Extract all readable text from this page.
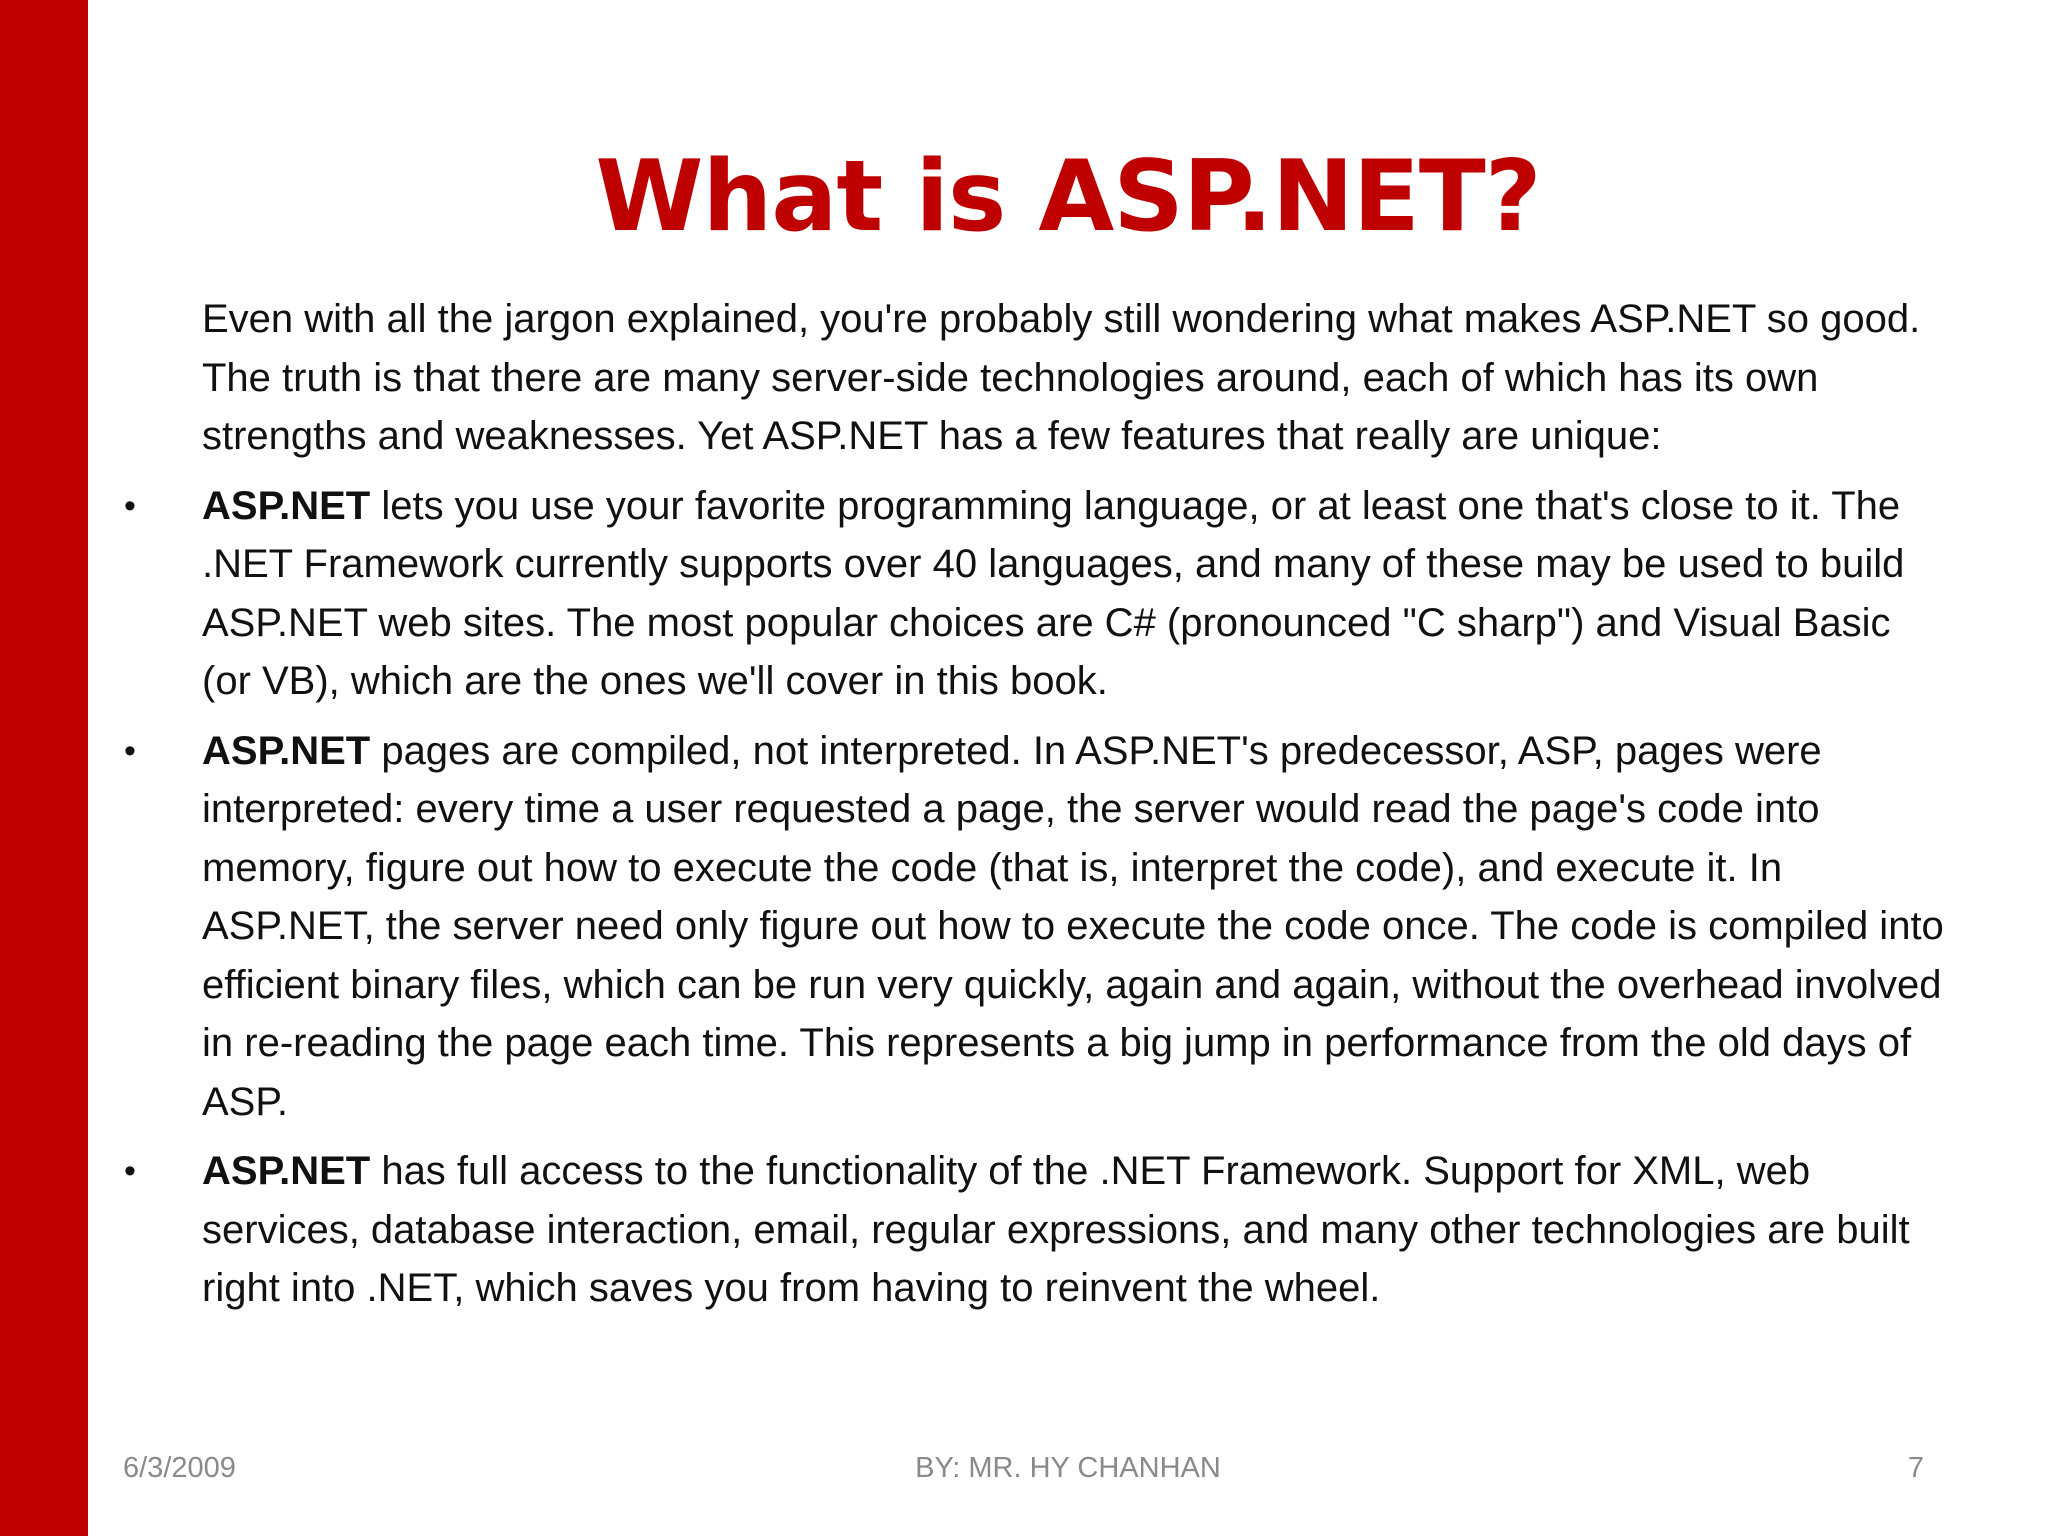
What is ASP.NET?

Even with all the jargon explained, you're probably still wondering what makes ASP.NET so good. The truth is that there are many server-side technologies around, each of which has its own strengths and weaknesses. Yet ASP.NET has a few features that really are unique:

•	ASP.NET lets you use your favorite programming language, or at least one that's close to it. The .NET Framework currently supports over 40 languages, and many of these may be used to build ASP.NET web sites. The most popular choices are C# (pronounced "C sharp") and Visual Basic (or VB), which are the ones we'll cover in this book.
•	ASP.NET pages are compiled, not interpreted. In ASP.NET's predecessor, ASP, pages were interpreted: every time a user requested a page, the server would read the page's code into memory, figure out how to execute the code (that is, interpret the code), and execute it. In ASP.NET, the server need only figure out how to execute the code once. The code is compiled into efficient binary files, which can be run very quickly, again and again, without the overhead involved in re-reading the page each time. This represents a big jump in performance from the old days of ASP.
•	ASP.NET has full access to the functionality of the .NET Framework. Support for XML, web services, database interaction, email, regular expressions, and many other technologies are built right into .NET, which saves you from having to reinvent the wheel.
6/3/2009	BY: MR. HY CHANHAN	7
